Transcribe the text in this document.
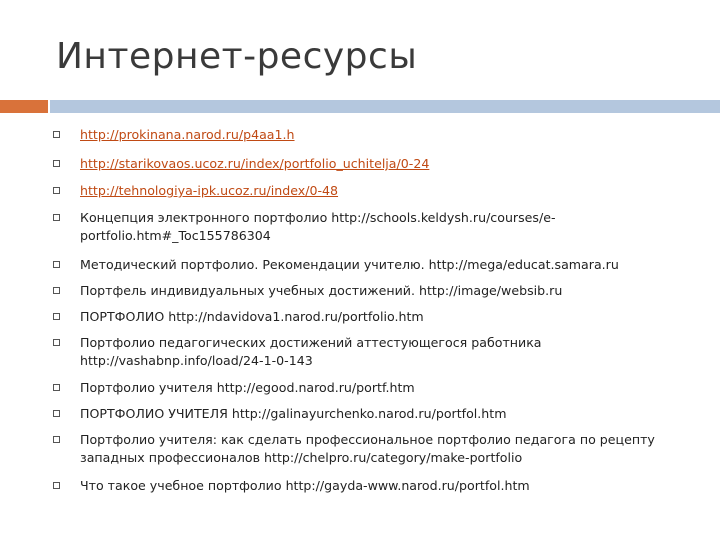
Интернет-ресурсы
http://prokinana.narod.ru/p4aa1.h
http://starikovaos.ucoz.ru/index/portfolio_uchitelja/0-24
http://tehnologiya-ipk.ucoz.ru/index/0-48
Концепция электронного портфолио http://schools.keldysh.ru/courses/e-portfolio.htm#_Toc155786304
Методический портфолио. Рекомендации учителю. http://mega/educat.samara.ru
Портфель индивидуальных учебных достижений. http://image/websib.ru
ПОРТФОЛИО http://ndavidova1.narod.ru/portfolio.htm
Портфолио педагогических достижений аттестующегося работника http://vashabnp.info/load/24-1-0-143
Портфолио учителя http://egood.narod.ru/portf.htm
ПОРТФОЛИО УЧИТЕЛЯ http://galinayurchenko.narod.ru/portfol.htm
Портфолио учителя: как сделать профессиональное портфолио педагога по рецепту западных профессионалов http://chelpro.ru/category/make-portfolio
Что такое учебное портфолио http://gayda-www.narod.ru/portfol.htm
